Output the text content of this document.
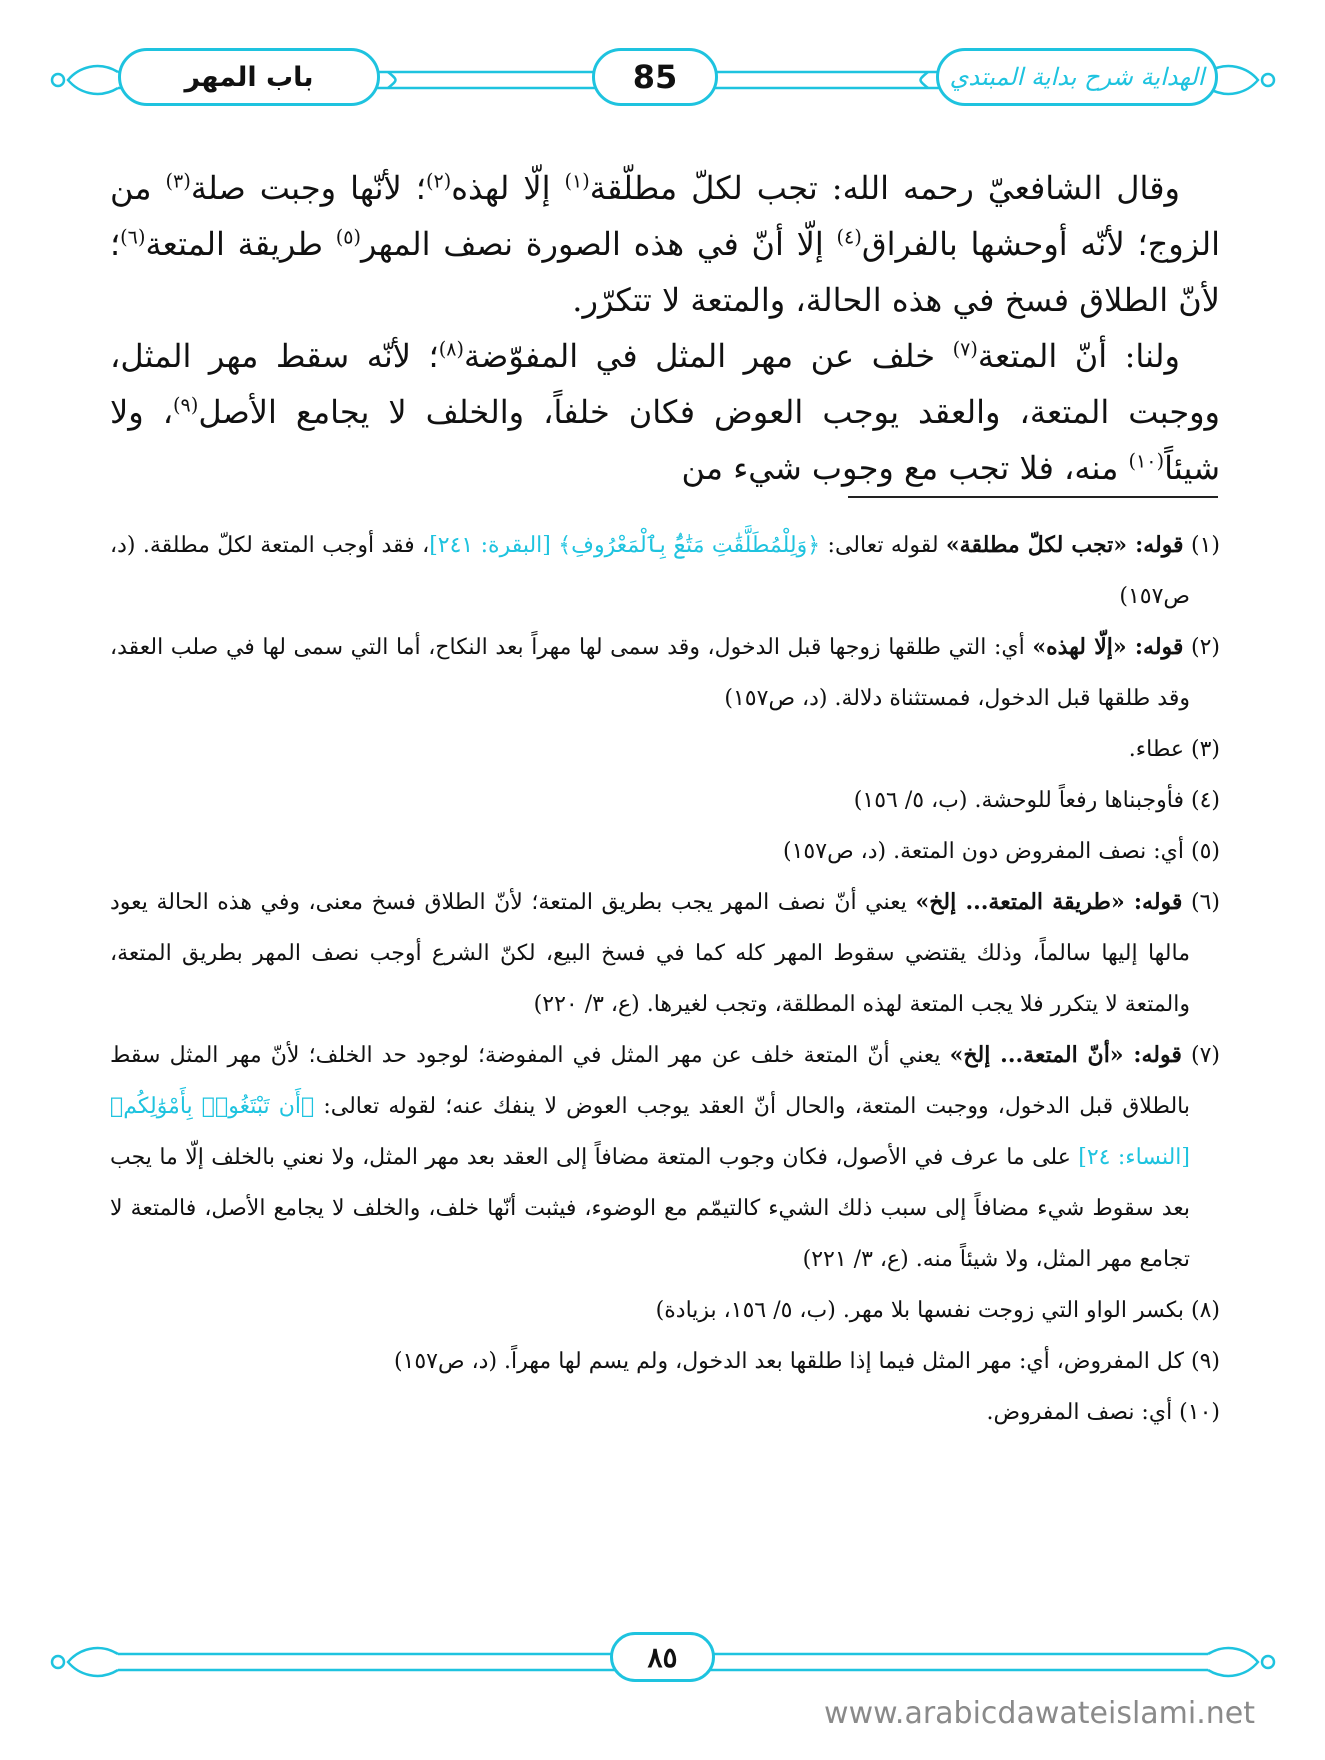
باب المهر	85	الهداية شرح بداية المبتدي

وقال الشافعيّ رحمه الله: تجب لكلّ مطلّقة$^{(١)}$ إلّا لهذه$^{(٢)}$؛ لأنّها وجبت صلة$^{(٣)}$ من الزوج؛ لأنّه أوحشها بالفراق$^{(٤)}$ إلّا أنّ في هذه الصورة نصف المهر$^{(٥)}$ طريقة المتعة$^{(٦)}$؛ لأنّ الطلاق فسخ في هذه الحالة، والمتعة لا تتكرّر.

ولنا: أنّ المتعة$^{(٧)}$ خلف عن مهر المثل في المفوّضة$^{(٨)}$؛ لأنّه سقط مهر المثل، ووجبت المتعة، والعقد يوجب العوض فكان خلفاً، والخلف لا يجامع الأصل$^{(٩)}$، ولا شيئاً$^{(١٠)}$ منه، فلا تجب مع وجوب شيء من

(١) قوله: «تجب لكلّ مطلقة» لقوله تعالى: ﴿وَلِلْمُطَلَّقَٰتِ مَتَٰعٌۢ بِٱلْمَعْرُوفِ﴾ [البقرة: ٢٤١]، فقد أوجب المتعة لكلّ مطلقة. (د، ص١٥٧)

(٢) قوله: «إلّا لهذه» أي: التي طلقها زوجها قبل الدخول، وقد سمى لها مهراً بعد النكاح، أما التي سمى لها في صلب العقد، وقد طلقها قبل الدخول، فمستثناة دلالة. (د، ص١٥٧)

(٣) عطاء.

(٤) فأوجبناها رفعاً للوحشة. (ب، ٥/ ١٥٦)

(٥) أي: نصف المفروض دون المتعة. (د، ص١٥٧)

(٦) قوله: «طريقة المتعة... إلخ» يعني أنّ نصف المهر يجب بطريق المتعة؛ لأنّ الطلاق فسخ معنى، وفي هذه الحالة يعود مالها إليها سالماً، وذلك يقتضي سقوط المهر كله كما في فسخ البيع، لكنّ الشرع أوجب نصف المهر بطريق المتعة، والمتعة لا يتكرر فلا يجب المتعة لهذه المطلقة، وتجب لغيرها. (ع، ٣/ ٢٢٠)

(٧) قوله: «أنّ المتعة... إلخ» يعني أنّ المتعة خلف عن مهر المثل في المفوضة؛ لوجود حد الخلف؛ لأنّ مهر المثل سقط بالطلاق قبل الدخول، ووجبت المتعة، والحال أنّ العقد يوجب العوض لا ينفك عنه؛ لقوله تعالى: ﴿أَن تَبْتَغُوا۟ بِأَمْوَٰلِكُم﴾ [النساء: ٢٤] على ما عرف في الأصول، فكان وجوب المتعة مضافاً إلى العقد بعد مهر المثل، ولا نعني بالخلف إلّا ما يجب بعد سقوط شيء مضافاً إلى سبب ذلك الشيء كالتيمّم مع الوضوء، فيثبت أنّها خلف، والخلف لا يجامع الأصل، فالمتعة لا تجامع مهر المثل، ولا شيئاً منه. (ع، ٣/ ٢٢١)

(٨) بكسر الواو التي زوجت نفسها بلا مهر. (ب، ٥/ ١٥٦، بزيادة)

(٩) كل المفروض، أي: مهر المثل فيما إذا طلقها بعد الدخول، ولم يسم لها مهراً. (د، ص١٥٧)

(١٠) أي: نصف المفروض.

٨٥
www.arabicdawateislami.net
